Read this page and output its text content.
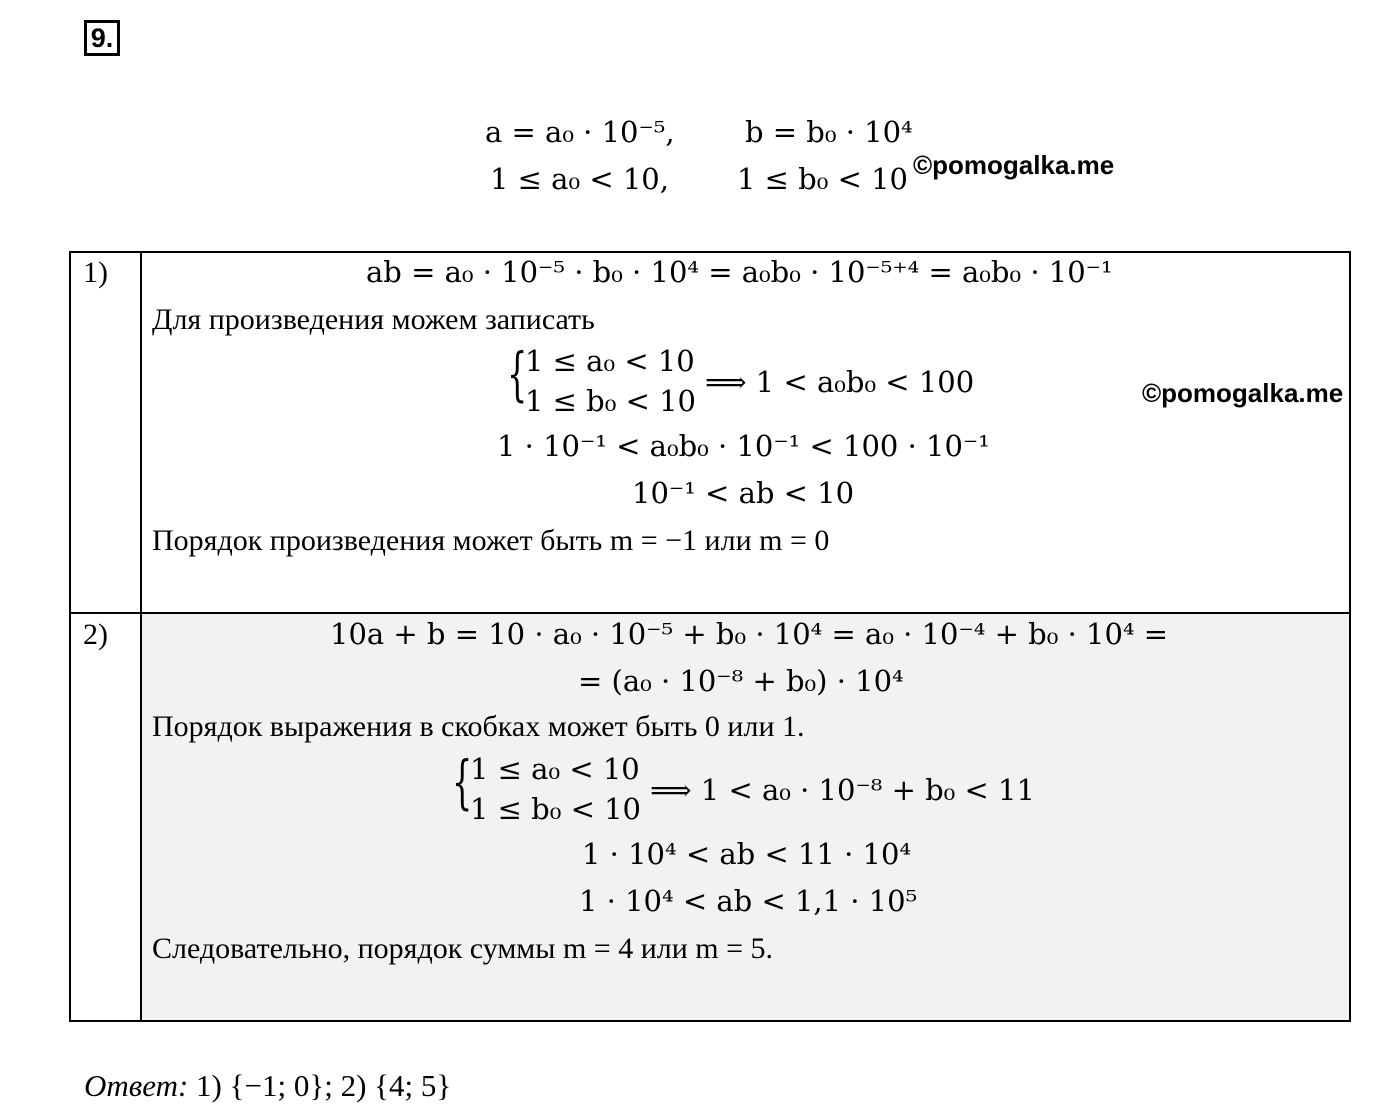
9.
a = a₀ · 10⁻⁵, b = b₀ · 10⁴
1 ≤ a₀ < 10, 1 ≤ b₀ < 10 ©pomogalka.me
1)	ab = a₀ · 10⁻⁵ · b₀ · 10⁴ = a₀b₀ · 10⁻⁵⁺⁴ = a₀b₀ · 10⁻¹
Для произведения можем записать
{
1 ≤ a₀ < 10
1 ≤ b₀ < 10
⟹ 1 < a₀b₀ < 100	©pomogalka.me
1 · 10⁻¹ < a₀b₀ · 10⁻¹ < 100 · 10⁻¹
10⁻¹ < ab < 10
Порядок произведения может быть m = −1 или m = 0
2)	10a + b = 10 · a₀ · 10⁻⁵ + b₀ · 10⁴ = a₀ · 10⁻⁴ + b₀ · 10⁴ =
= (a₀ · 10⁻⁸ + b₀) · 10⁴
Порядок выражения в скобках может быть 0 или 1.
{
1 ≤ a₀ < 10
1 ≤ b₀ < 10
⟹ 1 < a₀ · 10⁻⁸ + b₀ < 11
1 · 10⁴ < ab < 11 · 10⁴
1 · 10⁴ < ab < 1,1 · 10⁵
Следовательно, порядок суммы m = 4 или m = 5.
Ответ: 1) {−1; 0}; 2) {4; 5}
